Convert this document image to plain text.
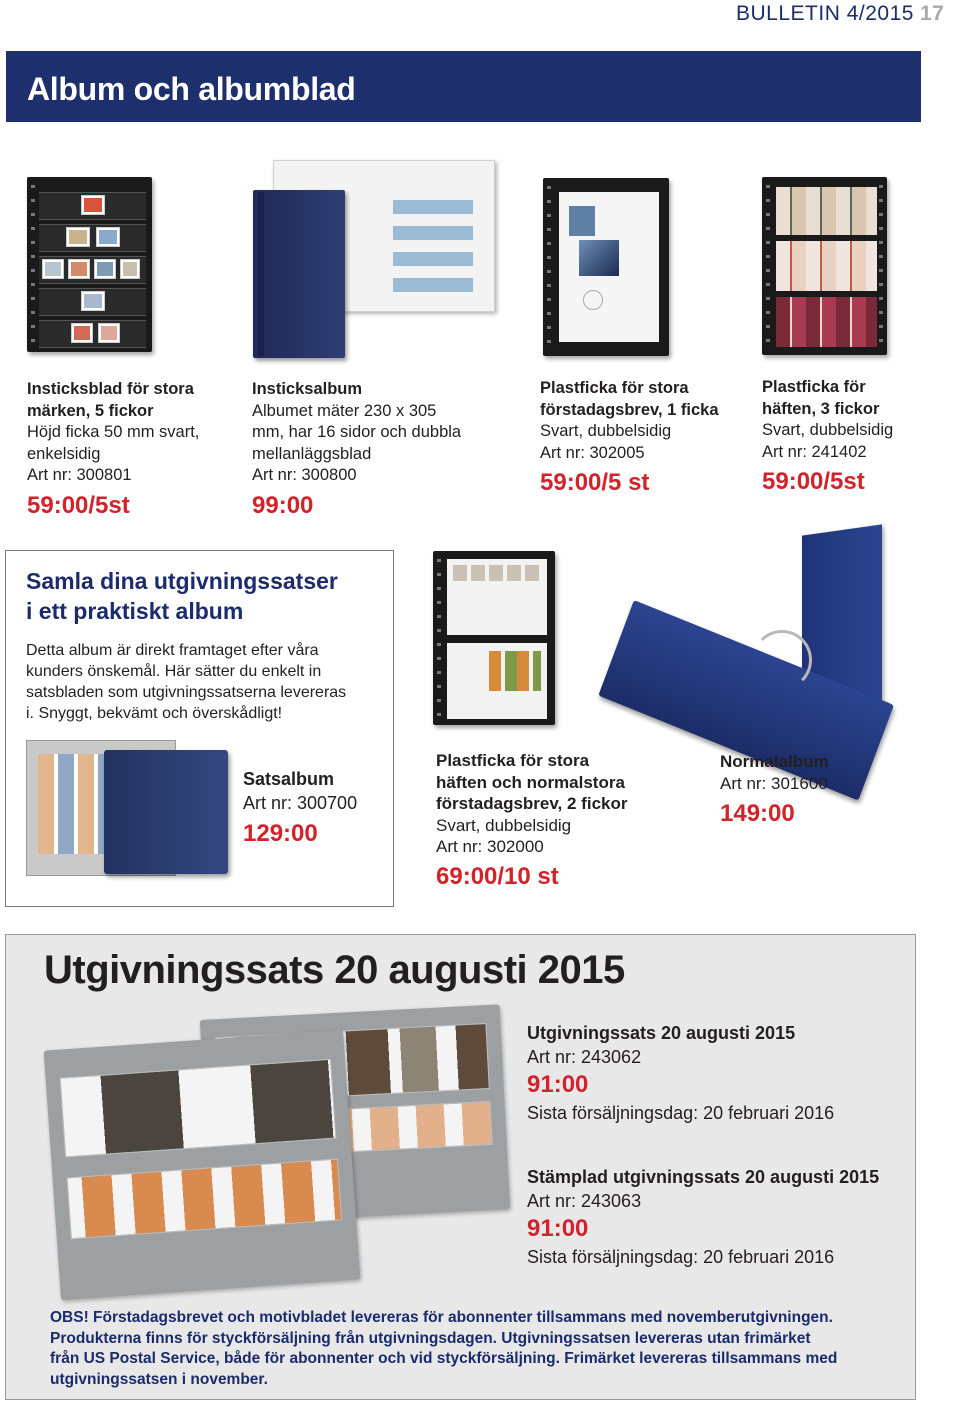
BULLETIN 4/2015 17
Album och albumblad
Insticksblad för stora
märken, 5 fickor
Höjd ficka 50 mm svart,
enkelsidig
Art nr: 300801
59:00/5st
Insticksalbum
Albumet mäter 230 x 305
mm, har 16 sidor och dubbla
mellanläggsblad
Art nr: 300800
99:00
Plastficka för stora
förstadagsbrev, 1 ficka
Svart, dubbelsidig
Art nr: 302005
59:00/5 st
Plastficka för
häften, 3 fickor
Svart, dubbelsidig
Art nr: 241402
59:00/5st
Samla dina utgivningssatser
i ett praktiskt album
Detta album är direkt framtaget efter våra
kunders önskemål. Här sätter du enkelt in
satsbladen som utgivningssatserna levereras
i. Snyggt, bekvämt och överskådligt!
Satsalbum
Art nr: 300700
129:00
Plastficka för stora
häften och normalstora
förstadagsbrev, 2 fickor
Svart, dubbelsidig
Art nr: 302000
69:00/10 st
Normalalbum
Art nr: 301600
149:00
Utgivningssats 20 augusti 2015
Utgivningssats 20 augusti 2015
Art nr: 243062
91:00
Sista försäljningsdag: 20 februari 2016
Stämplad utgivningssats 20 augusti 2015
Art nr: 243063
91:00
Sista försäljningsdag: 20 februari 2016
OBS! Förstadagsbrevet och motivbladet levereras för abonnenter tillsammans med novemberutgivningen.
Produkterna finns för styckförsäljning från utgivningsdagen. Utgivningssatsen levereras utan frimärket
från US Postal Service, både för abonnenter och vid styckförsäljning. Frimärket levereras tillsammans med
utgivningssatsen i november.
